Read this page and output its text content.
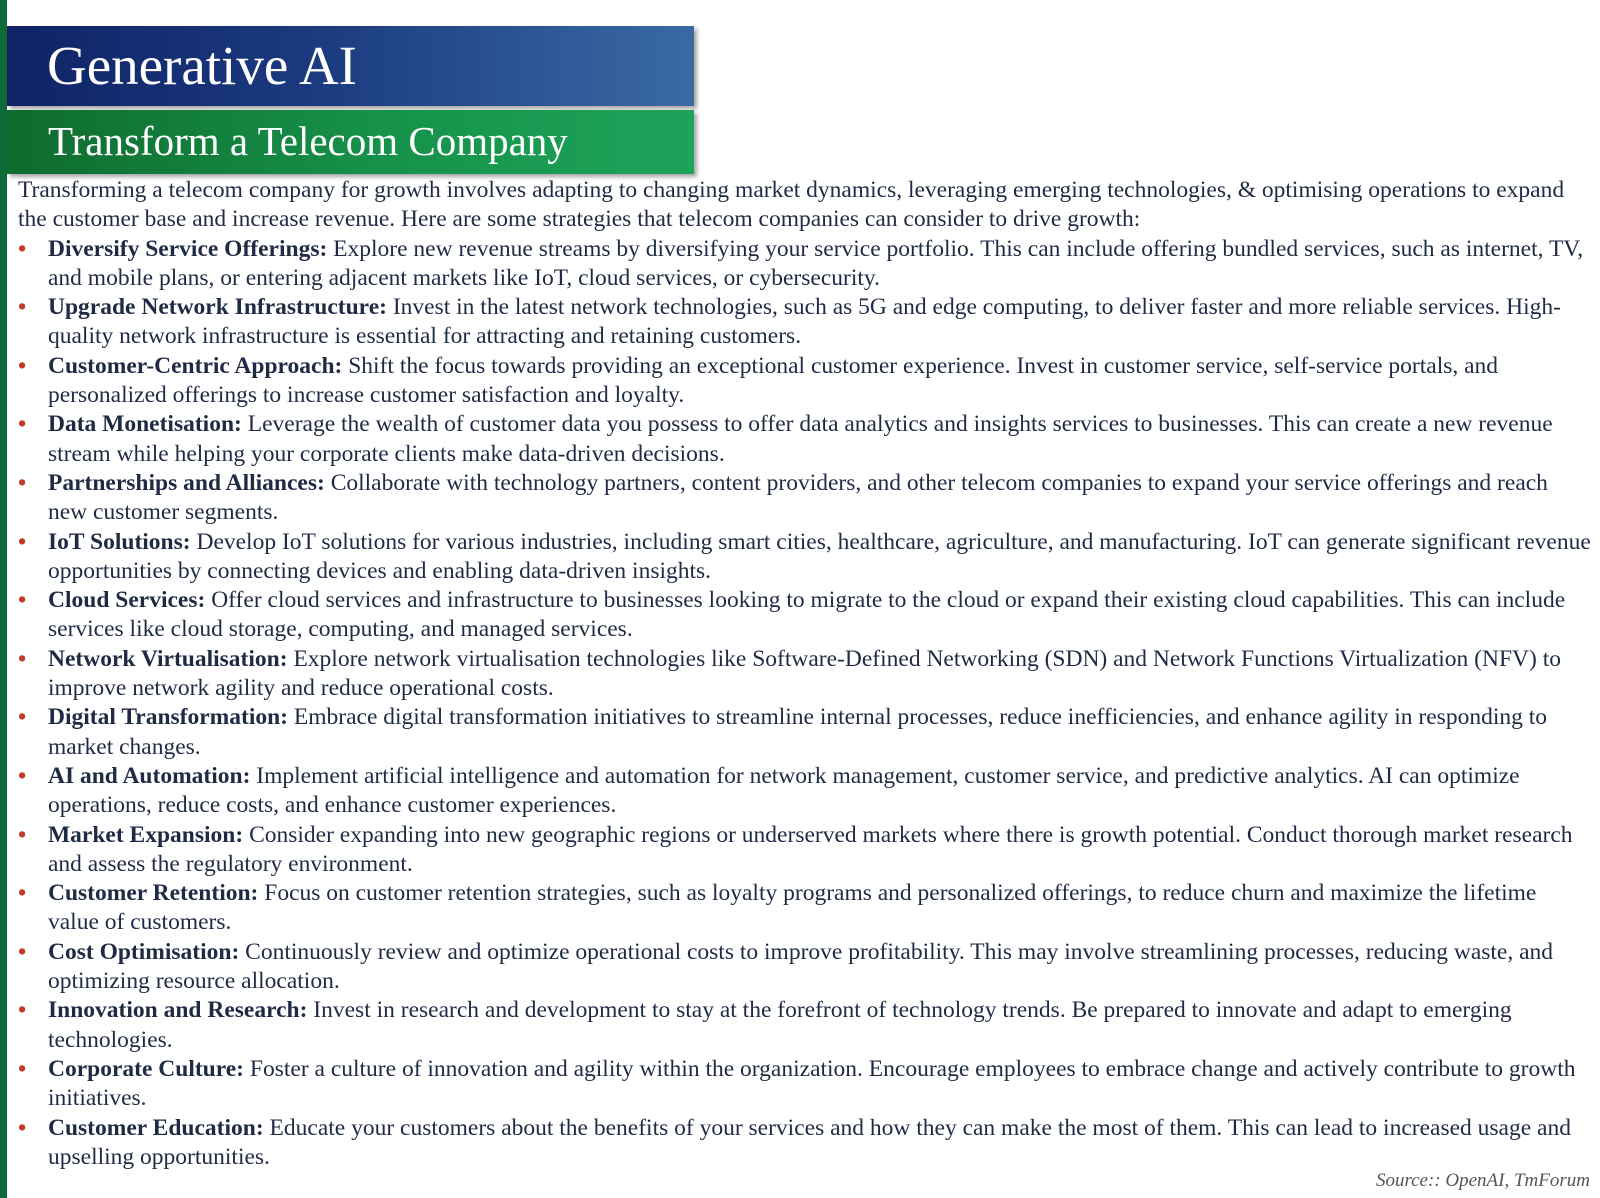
Generative AI
Transform a Telecom Company

Transforming a telecom company for growth involves adapting to changing market dynamics, leveraging emerging technologies, & optimising operations to expand the customer base and increase revenue. Here are some strategies that telecom companies can consider to drive growth:

• Diversify Service Offerings: Explore new revenue streams by diversifying your service portfolio. This can include offering bundled services, such as internet, TV, and mobile plans, or entering adjacent markets like IoT, cloud services, or cybersecurity.
• Upgrade Network Infrastructure: Invest in the latest network technologies, such as 5G and edge computing, to deliver faster and more reliable services. High-quality network infrastructure is essential for attracting and retaining customers.
• Customer-Centric Approach: Shift the focus towards providing an exceptional customer experience. Invest in customer service, self-service portals, and personalized offerings to increase customer satisfaction and loyalty.
• Data Monetisation: Leverage the wealth of customer data you possess to offer data analytics and insights services to businesses. This can create a new revenue stream while helping your corporate clients make data-driven decisions.
• Partnerships and Alliances: Collaborate with technology partners, content providers, and other telecom companies to expand your service offerings and reach new customer segments.
• IoT Solutions: Develop IoT solutions for various industries, including smart cities, healthcare, agriculture, and manufacturing. IoT can generate significant revenue opportunities by connecting devices and enabling data-driven insights.
• Cloud Services: Offer cloud services and infrastructure to businesses looking to migrate to the cloud or expand their existing cloud capabilities. This can include services like cloud storage, computing, and managed services.
• Network Virtualisation: Explore network virtualisation technologies like Software-Defined Networking (SDN) and Network Functions Virtualization (NFV) to improve network agility and reduce operational costs.
• Digital Transformation: Embrace digital transformation initiatives to streamline internal processes, reduce inefficiencies, and enhance agility in responding to market changes.
• AI and Automation: Implement artificial intelligence and automation for network management, customer service, and predictive analytics. AI can optimize operations, reduce costs, and enhance customer experiences.
• Market Expansion: Consider expanding into new geographic regions or underserved markets where there is growth potential. Conduct thorough market research and assess the regulatory environment.
• Customer Retention: Focus on customer retention strategies, such as loyalty programs and personalized offerings, to reduce churn and maximize the lifetime value of customers.
• Cost Optimisation: Continuously review and optimize operational costs to improve profitability. This may involve streamlining processes, reducing waste, and optimizing resource allocation.
• Innovation and Research: Invest in research and development to stay at the forefront of technology trends. Be prepared to innovate and adapt to emerging technologies.
• Corporate Culture: Foster a culture of innovation and agility within the organization. Encourage employees to embrace change and actively contribute to growth initiatives.
• Customer Education: Educate your customers about the benefits of your services and how they can make the most of them. This can lead to increased usage and upselling opportunities.
Source:: OpenAI, TmForum
